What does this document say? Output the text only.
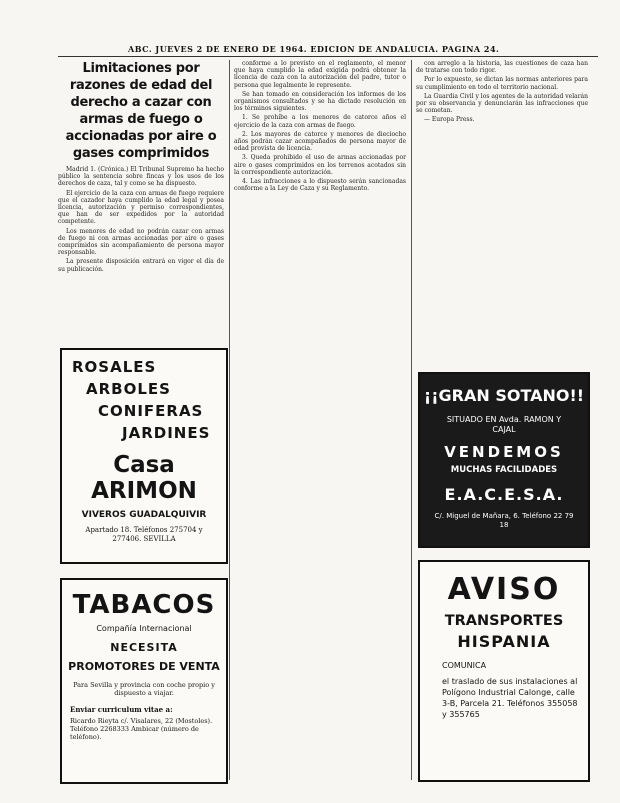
ABC. JUEVES 2 DE ENERO DE 1964. EDICION DE ANDALUCIA. PAGINA 24.
Limitaciones por razones de edad del derecho a cazar con armas de fuego o accionadas por aire o gases comprimidos

Madrid 1. (Crónica.) El Tribunal Supremo ha hecho público la sentencia sobre fincas y los usos de los derechos de caza, tal y como se ha dispuesto.

El ejercicio de la caza con armas de fuego requiere que el cazador haya cumplido la edad legal y posea licencia, autorización y permiso correspondientes, que han de ser expedidos por la autoridad competente.

Los menores de edad no podrán cazar con armas de fuego ni con armas accionadas por aire o gases comprimidos sin acompañamiento de persona mayor responsable.

La presente disposición entrará en vigor el día de su publicación.

conforme a lo previsto en el reglamento, el menor que haya cumplido la edad exigida podrá obtener la licencia de caza con la autorización del padre, tutor o persona que legalmente le represente.

Se han tomado en consideración los informes de los organismos consultados y se ha dictado resolución en los términos siguientes.

1. Se prohíbe a los menores de catorce años el ejercicio de la caza con armas de fuego.

2. Los mayores de catorce y menores de dieciocho años podrán cazar acompañados de persona mayor de edad provista de licencia.

3. Queda prohibido el uso de armas accionadas por aire o gases comprimidos en los terrenos acotados sin la correspondiente autorización.

4. Las infracciones a lo dispuesto serán sancionadas conforme a la Ley de Caza y su Reglamento.

con arreglo a la historia, las cuestiones de caza han de tratarse con todo rigor.

Por lo expuesto, se dictan las normas anteriores para su cumplimiento en todo el territorio nacional.

La Guardia Civil y los agentes de la autoridad velarán por su observancia y denunciarán las infracciones que se cometan.

— Europa Press.

ROSALES
ARBOLES
CONIFERAS
JARDINES
Casa ARIMON
VIVEROS GUADALQUIVIR
Apartado 18. Teléfonos 275704 y 277406. SEVILLA
TABACOS
Compañía Internacional
NECESITA
PROMOTORES DE VENTA
Para Sevilla y provincia con coche propio y dispuesto a viajar.
Enviar curriculum vitae a:
Ricardo Rieyta c/. Visalares, 22 (Mostoles). Teléfono 2268333 Ambicar (número de teléfono).
¡¡GRAN SOTANO!!
SITUADO EN Avda. RAMON Y CAJAL
VENDEMOS
MUCHAS FACILIDADES
E.A.C.E.S.A.
C/. Miguel de Mañara, 6. Teléfono 22 79 18
AVISO
TRANSPORTES
HISPANIA
COMUNICA
el traslado de sus instalaciones al Polígono Industrial Calonge, calle 3-B, Parcela 21. Teléfonos 355058 y 355765
